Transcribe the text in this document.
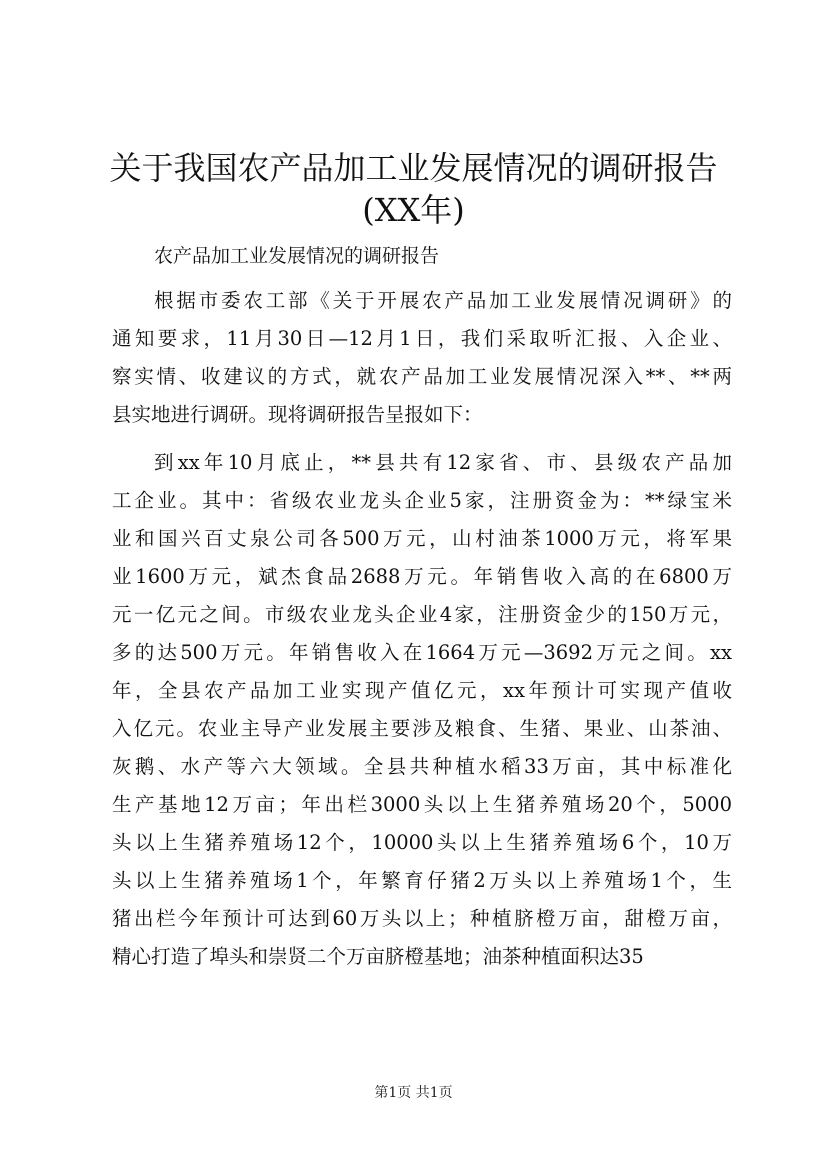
关于我国农产品加工业发展情况的调研报告
(XX年)
农产品加工业发展情况的调研报告
根据市委农工部《关于开展农产品加工业发展情况调研》的
通知要求，11月30日—12月1日，我们采取听汇报、入企业、
察实情、收建议的方式，就农产品加工业发展情况深入**、**两
县实地进行调研。现将调研报告呈报如下：
到xx年10月底止，**县共有12家省、市、县级农产品加
工企业。其中：省级农业龙头企业5家，注册资金为：**绿宝米
业和国兴百丈泉公司各500万元，山村油茶1000万元，将军果
业1600万元，斌杰食品2688万元。年销售收入高的在6800万
元一亿元之间。市级农业龙头企业4家，注册资金少的150万元，
多的达500万元。年销售收入在1664万元—3692万元之间。xx
年，全县农产品加工业实现产值亿元，xx年预计可实现产值收
入亿元。农业主导产业发展主要涉及粮食、生猪、果业、山茶油、
灰鹅、水产等六大领域。全县共种植水稻33万亩，其中标准化
生产基地12万亩；年出栏3000头以上生猪养殖场20个，5000
头以上生猪养殖场12个，10000头以上生猪养殖场6个，10万
头以上生猪养殖场1个，年繁育仔猪2万头以上养殖场1个，生
猪出栏今年预计可达到60万头以上；种植脐橙万亩，甜橙万亩，
精心打造了埠头和崇贤二个万亩脐橙基地；油茶种植面积达35
第1页 共1页
